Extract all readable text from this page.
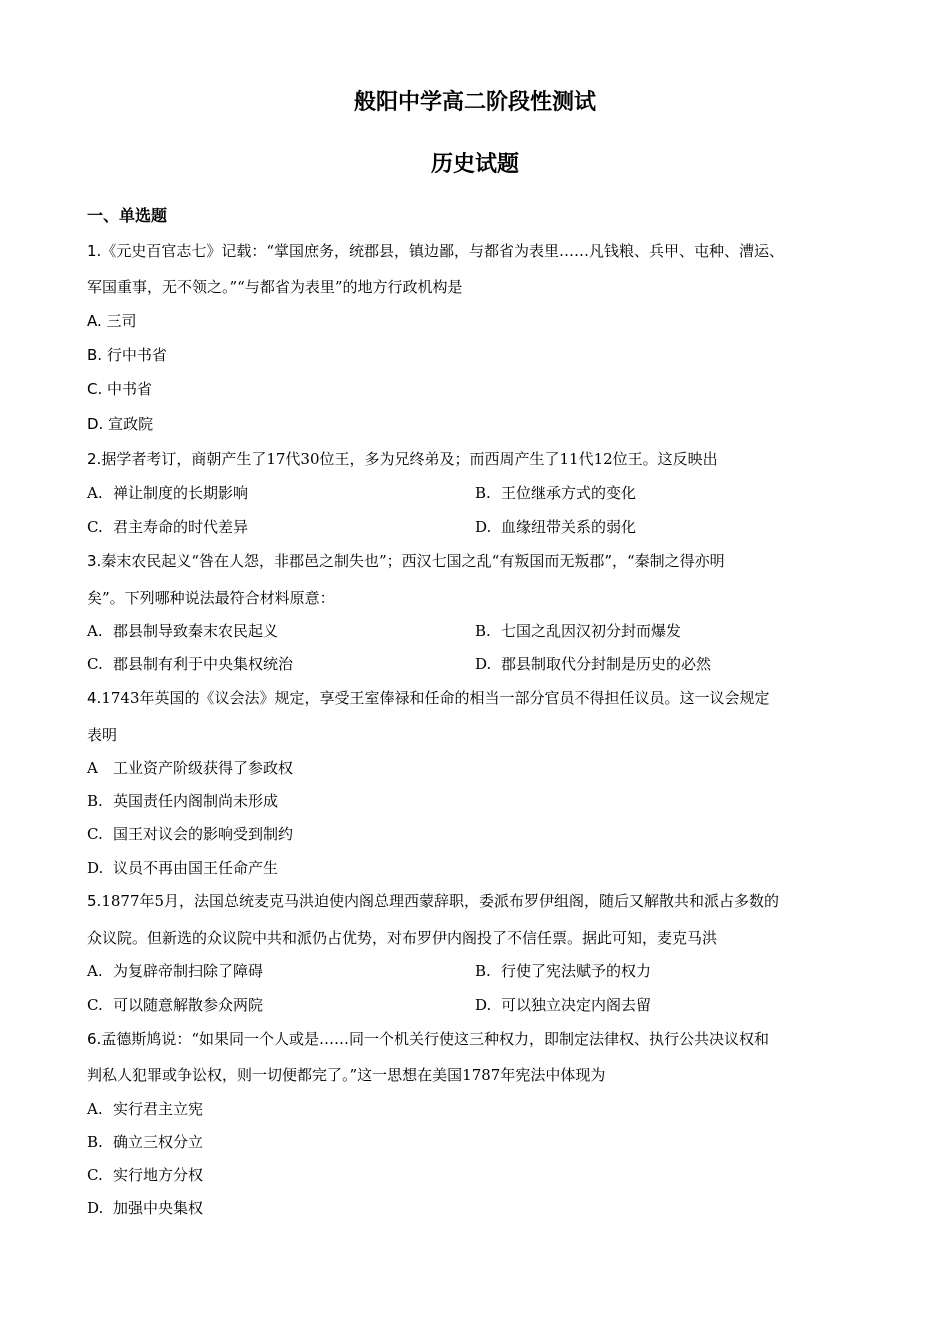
般阳中学高二阶段性测试
历史试题
一、单选题
1.《元史百官志七》记载：“掌国庶务，统郡县，镇边鄙，与都省为表里……凡钱粮、兵甲、屯种、漕运、
军国重事，无不领之。”“与都省为表里”的地方行政机构是
A. 三司
B. 行中书省
C. 中书省
D. 宣政院
2.据学者考订，商朝产生了17代30位王，多为兄终弟及；而西周产生了11代12位王。这反映出
A. 禅让制度的长期影响	B. 王位继承方式的变化
C. 君主寿命的时代差异	D. 血缘纽带关系的弱化
3.秦末农民起义“咎在人怨，非郡邑之制失也”；西汉七国之乱“有叛国而无叛郡”，“秦制之得亦明
矣”。下列哪种说法最符合材料原意：
A. 郡县制导致秦末农民起义	B. 七国之乱因汉初分封而爆发
C. 郡县制有利于中央集权统治	D. 郡县制取代分封制是历史的必然
4.1743年英国的《议会法》规定，享受王室俸禄和任命的相当一部分官员不得担任议员。这一议会规定
表明
A 工业资产阶级获得了参政权
B. 英国责任内阁制尚未形成
C. 国王对议会的影响受到制约
D. 议员不再由国王任命产生
5.1877年5月，法国总统麦克马洪迫使内阁总理西蒙辞职，委派布罗伊组阁，随后又解散共和派占多数的
众议院。但新选的众议院中共和派仍占优势，对布罗伊内阁投了不信任票。据此可知，麦克马洪
A. 为复辟帝制扫除了障碍	B. 行使了宪法赋予的权力
C. 可以随意解散参众两院	D. 可以独立决定内阁去留
6.孟德斯鸠说：“如果同一个人或是……同一个机关行使这三种权力，即制定法律权、执行公共决议权和
判私人犯罪或争讼权，则一切便都完了。”这一思想在美国1787年宪法中体现为
A. 实行君主立宪
B. 确立三权分立
C. 实行地方分权
D. 加强中央集权
